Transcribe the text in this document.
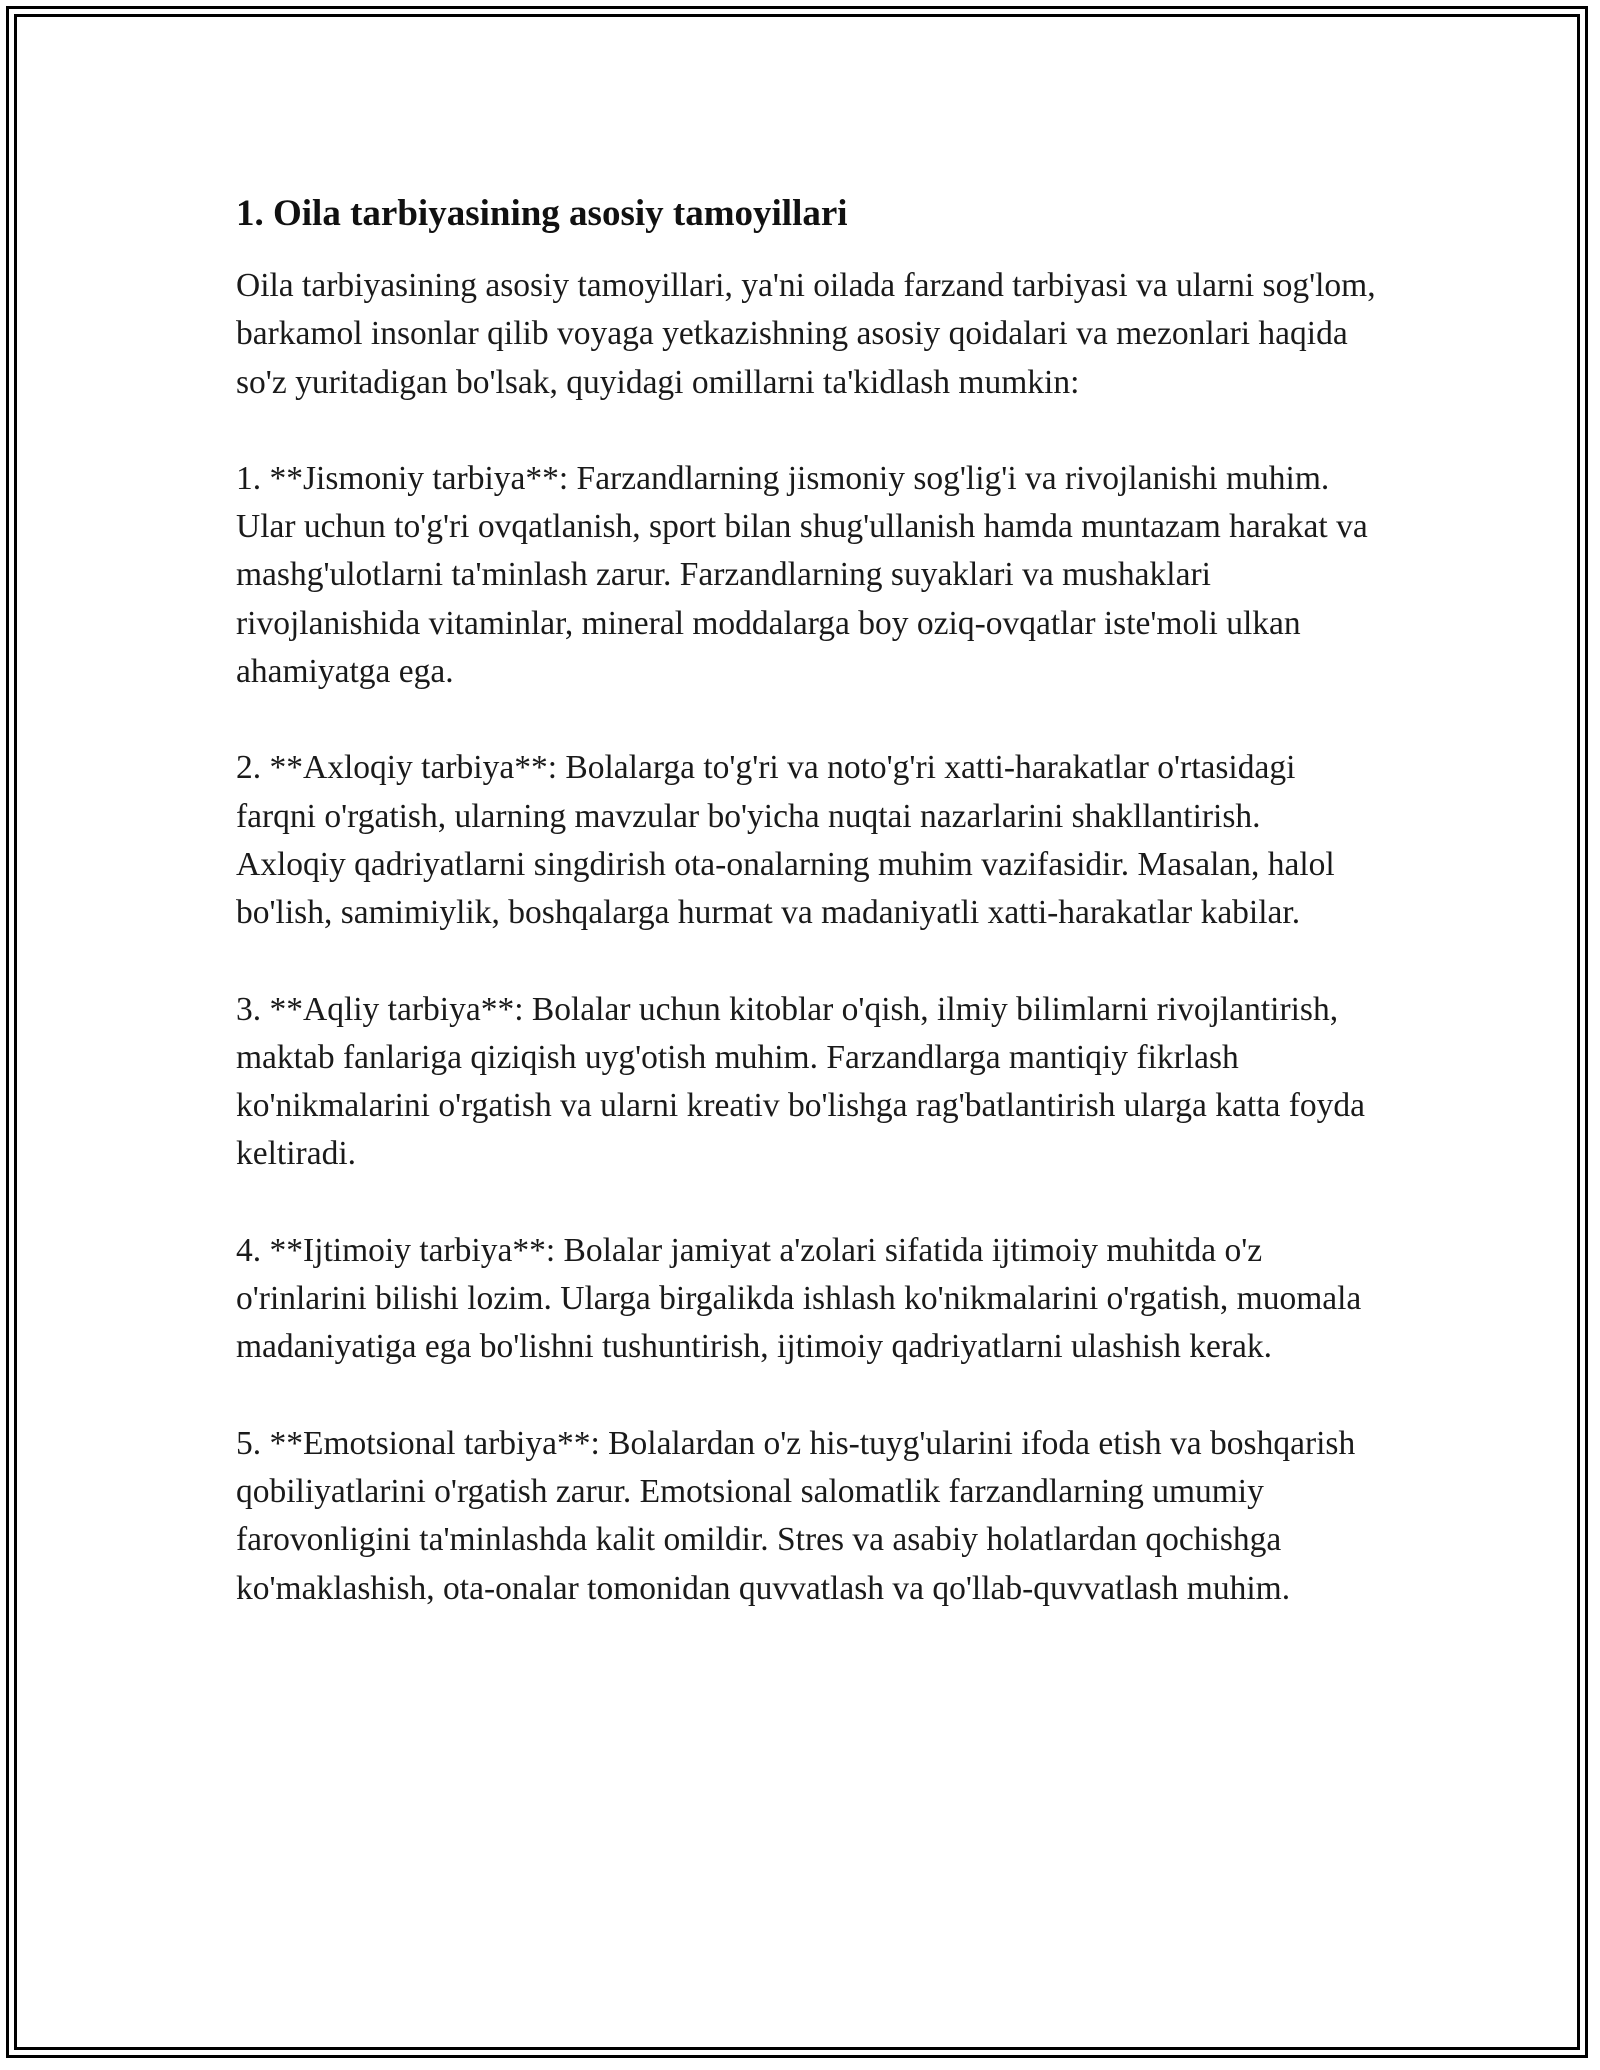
1. Oila tarbiyasining asosiy tamoyillari

Oila tarbiyasining asosiy tamoyillari, ya'ni oilada farzand tarbiyasi va ularni sog'lom, barkamol insonlar qilib voyaga yetkazishning asosiy qoidalari va mezonlari haqida so'z yuritadigan bo'lsak, quyidagi omillarni ta'kidlash mumkin:

1. **Jismoniy tarbiya**: Farzandlarning jismoniy sog'lig'i va rivojlanishi muhim. Ular uchun to'g'ri ovqatlanish, sport bilan shug'ullanish hamda muntazam harakat va mashg'ulotlarni ta'minlash zarur. Farzandlarning suyaklari va mushaklari rivojlanishida vitaminlar, mineral moddalarga boy oziq-ovqatlar iste'moli ulkan ahamiyatga ega.

2. **Axloqiy tarbiya**: Bolalarga to'g'ri va noto'g'ri xatti-harakatlar o'rtasidagi farqni o'rgatish, ularning mavzular bo'yicha nuqtai nazarlarini shakllantirish. Axloqiy qadriyatlarni singdirish ota-onalarning muhim vazifasidir. Masalan, halol bo'lish, samimiylik, boshqalarga hurmat va madaniyatli xatti-harakatlar kabilar.

3. **Aqliy tarbiya**: Bolalar uchun kitoblar o'qish, ilmiy bilimlarni rivojlantirish, maktab fanlariga qiziqish uyg'otish muhim. Farzandlarga mantiqiy fikrlash ko'nikmalarini o'rgatish va ularni kreativ bo'lishga rag'batlantirish ularga katta foyda keltiradi.

4. **Ijtimoiy tarbiya**: Bolalar jamiyat a'zolari sifatida ijtimoiy muhitda o'z o'rinlarini bilishi lozim. Ularga birgalikda ishlash ko'nikmalarini o'rgatish, muomala madaniyatiga ega bo'lishni tushuntirish, ijtimoiy qadriyatlarni ulashish kerak.

5. **Emotsional tarbiya**: Bolalardan o'z his-tuyg'ularini ifoda etish va boshqarish qobiliyatlarini o'rgatish zarur. Emotsional salomatlik farzandlarning umumiy farovonligini ta'minlashda kalit omildir. Stres va asabiy holatlardan qochishga ko'maklashish, ota-onalar tomonidan quvvatlash va qo'llab-quvvatlash muhim.
